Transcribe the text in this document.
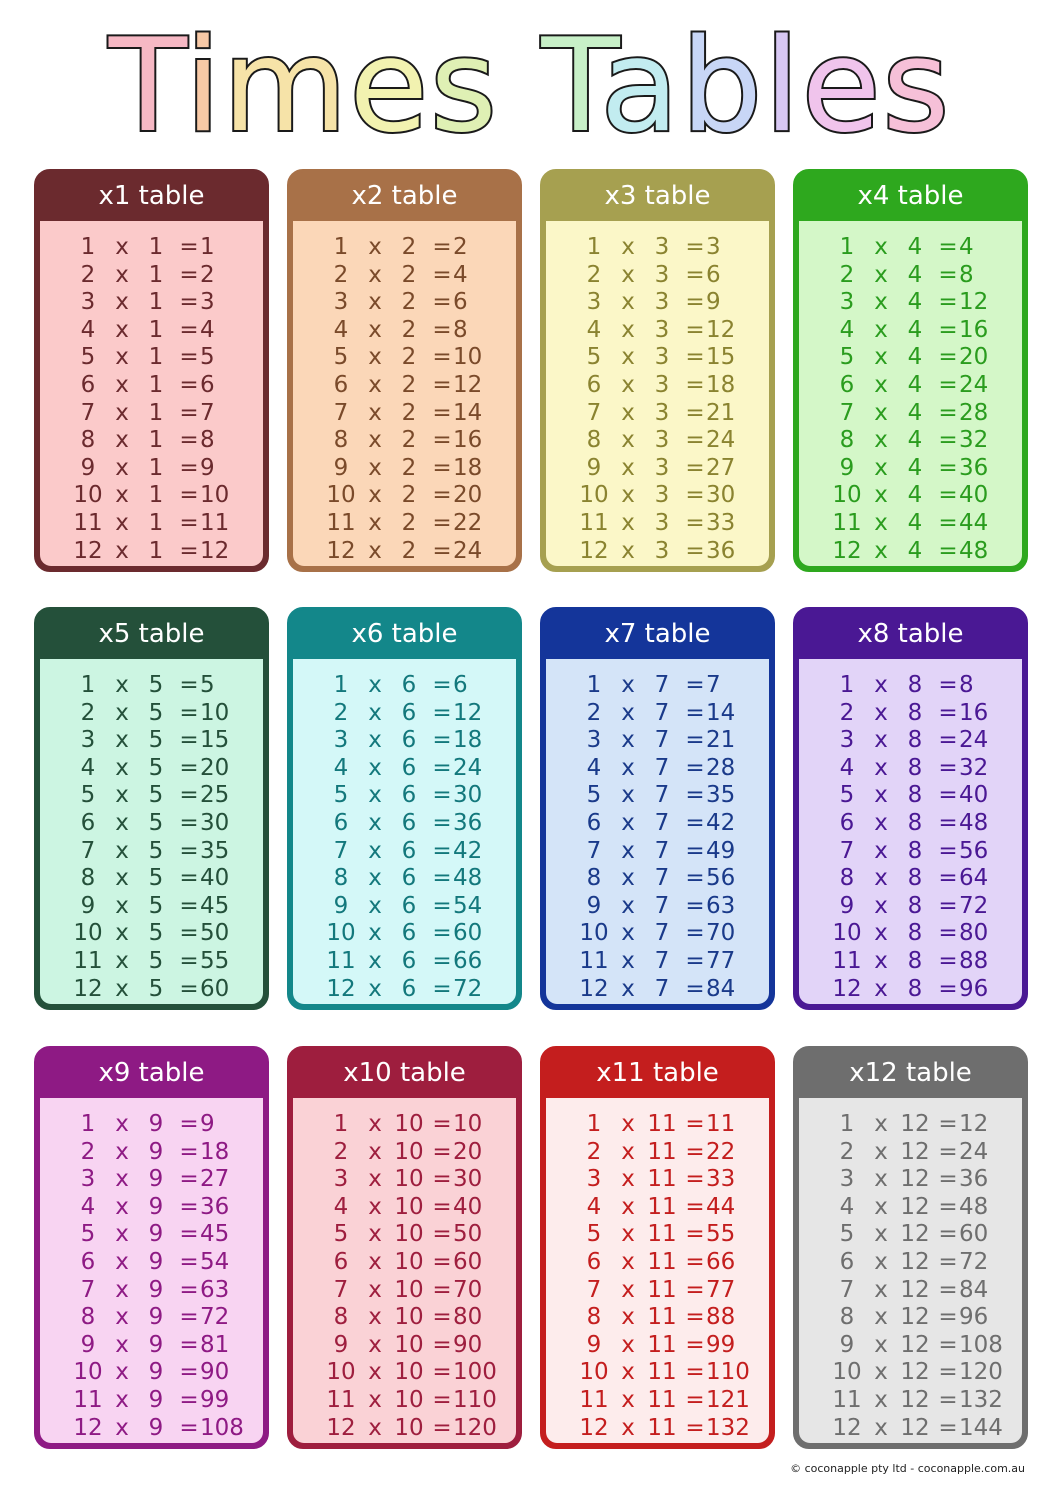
Times Tables
x1 table
1 x 1 = 1
2 x 1 = 2
3 x 1 = 3
4 x 1 = 4
5 x 1 = 5
6 x 1 = 6
7 x 1 = 7
8 x 1 = 8
9 x 1 = 9
10 x 1 = 10
11 x 1 = 11
12 x 1 = 12
x2 table
1 x 2 = 2
2 x 2 = 4
3 x 2 = 6
4 x 2 = 8
5 x 2 = 10
6 x 2 = 12
7 x 2 = 14
8 x 2 = 16
9 x 2 = 18
10 x 2 = 20
11 x 2 = 22
12 x 2 = 24
x3 table
1 x 3 = 3
2 x 3 = 6
3 x 3 = 9
4 x 3 = 12
5 x 3 = 15
6 x 3 = 18
7 x 3 = 21
8 x 3 = 24
9 x 3 = 27
10 x 3 = 30
11 x 3 = 33
12 x 3 = 36
x4 table
1 x 4 = 4
2 x 4 = 8
3 x 4 = 12
4 x 4 = 16
5 x 4 = 20
6 x 4 = 24
7 x 4 = 28
8 x 4 = 32
9 x 4 = 36
10 x 4 = 40
11 x 4 = 44
12 x 4 = 48
x5 table
1 x 5 = 5
2 x 5 = 10
3 x 5 = 15
4 x 5 = 20
5 x 5 = 25
6 x 5 = 30
7 x 5 = 35
8 x 5 = 40
9 x 5 = 45
10 x 5 = 50
11 x 5 = 55
12 x 5 = 60
x6 table
1 x 6 = 6
2 x 6 = 12
3 x 6 = 18
4 x 6 = 24
5 x 6 = 30
6 x 6 = 36
7 x 6 = 42
8 x 6 = 48
9 x 6 = 54
10 x 6 = 60
11 x 6 = 66
12 x 6 = 72
x7 table
1 x 7 = 7
2 x 7 = 14
3 x 7 = 21
4 x 7 = 28
5 x 7 = 35
6 x 7 = 42
7 x 7 = 49
8 x 7 = 56
9 x 7 = 63
10 x 7 = 70
11 x 7 = 77
12 x 7 = 84
x8 table
1 x 8 = 8
2 x 8 = 16
3 x 8 = 24
4 x 8 = 32
5 x 8 = 40
6 x 8 = 48
7 x 8 = 56
8 x 8 = 64
9 x 8 = 72
10 x 8 = 80
11 x 8 = 88
12 x 8 = 96
x9 table
1 x 9 = 9
2 x 9 = 18
3 x 9 = 27
4 x 9 = 36
5 x 9 = 45
6 x 9 = 54
7 x 9 = 63
8 x 9 = 72
9 x 9 = 81
10 x 9 = 90
11 x 9 = 99
12 x 9 = 108
x10 table
1 x 10 = 10
2 x 10 = 20
3 x 10 = 30
4 x 10 = 40
5 x 10 = 50
6 x 10 = 60
7 x 10 = 70
8 x 10 = 80
9 x 10 = 90
10 x 10 = 100
11 x 10 = 110
12 x 10 = 120
x11 table
1 x 11 = 11
2 x 11 = 22
3 x 11 = 33
4 x 11 = 44
5 x 11 = 55
6 x 11 = 66
7 x 11 = 77
8 x 11 = 88
9 x 11 = 99
10 x 11 = 110
11 x 11 = 121
12 x 11 = 132
x12 table
1 x 12 = 12
2 x 12 = 24
3 x 12 = 36
4 x 12 = 48
5 x 12 = 60
6 x 12 = 72
7 x 12 = 84
8 x 12 = 96
9 x 12 = 108
10 x 12 = 120
11 x 12 = 132
12 x 12 = 144
© coconapple pty ltd - coconapple.com.au
